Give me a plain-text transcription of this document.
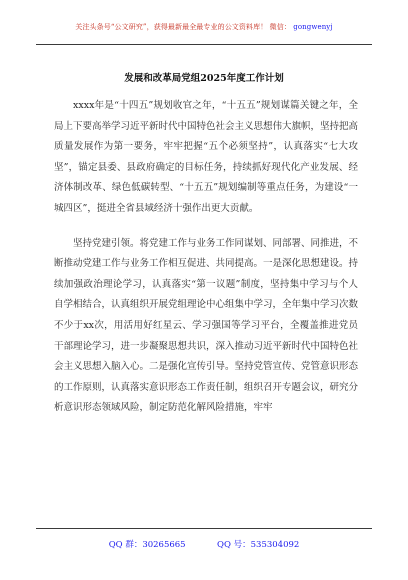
关注头条号“公文研究”，获得最新最全最专业的公文资料库！ 微信： gongwenyj
发展和改革局党组2025年度工作计划

xxxx年是“十四五”规划收官之年，“十五五”规划谋篇关键之年，全局上下要高举学习近平新时代中国特色社会主义思想伟大旗帜，坚持把高质量发展作为第一要务，牢牢把握“五个必须坚持”，认真落实“七大攻坚”，锚定县委、县政府确定的目标任务，持续抓好现代化产业发展、经济体制改革、绿色低碳转型、“十五五”规划编制等重点任务，为建设“一城四区”，挺进全省县域经济十强作出更大贡献。

坚持党建引领。将党建工作与业务工作同谋划、同部署、同推进，不断推动党建工作与业务工作相互促进、共同提高。一是深化思想建设。持续加强政治理论学习，认真落实“第一议题”制度，坚持集中学习与个人自学相结合，认真组织开展党组理论中心组集中学习，全年集中学习次数不少于xx次，用活用好红星云、学习强国等学习平台，全覆盖推进党员干部理论学习，进一步凝聚思想共识，深入推动习近平新时代中国特色社会主义思想入脑入心。二是强化宣传引导。坚持党管宣传、党管意识形态的工作原则，认真落实意识形态工作责任制，组织召开专题会议，研究分析意识形态领域风险，制定防范化解风险措施，牢牢

QQ 群：30265665	QQ 号：535304092
